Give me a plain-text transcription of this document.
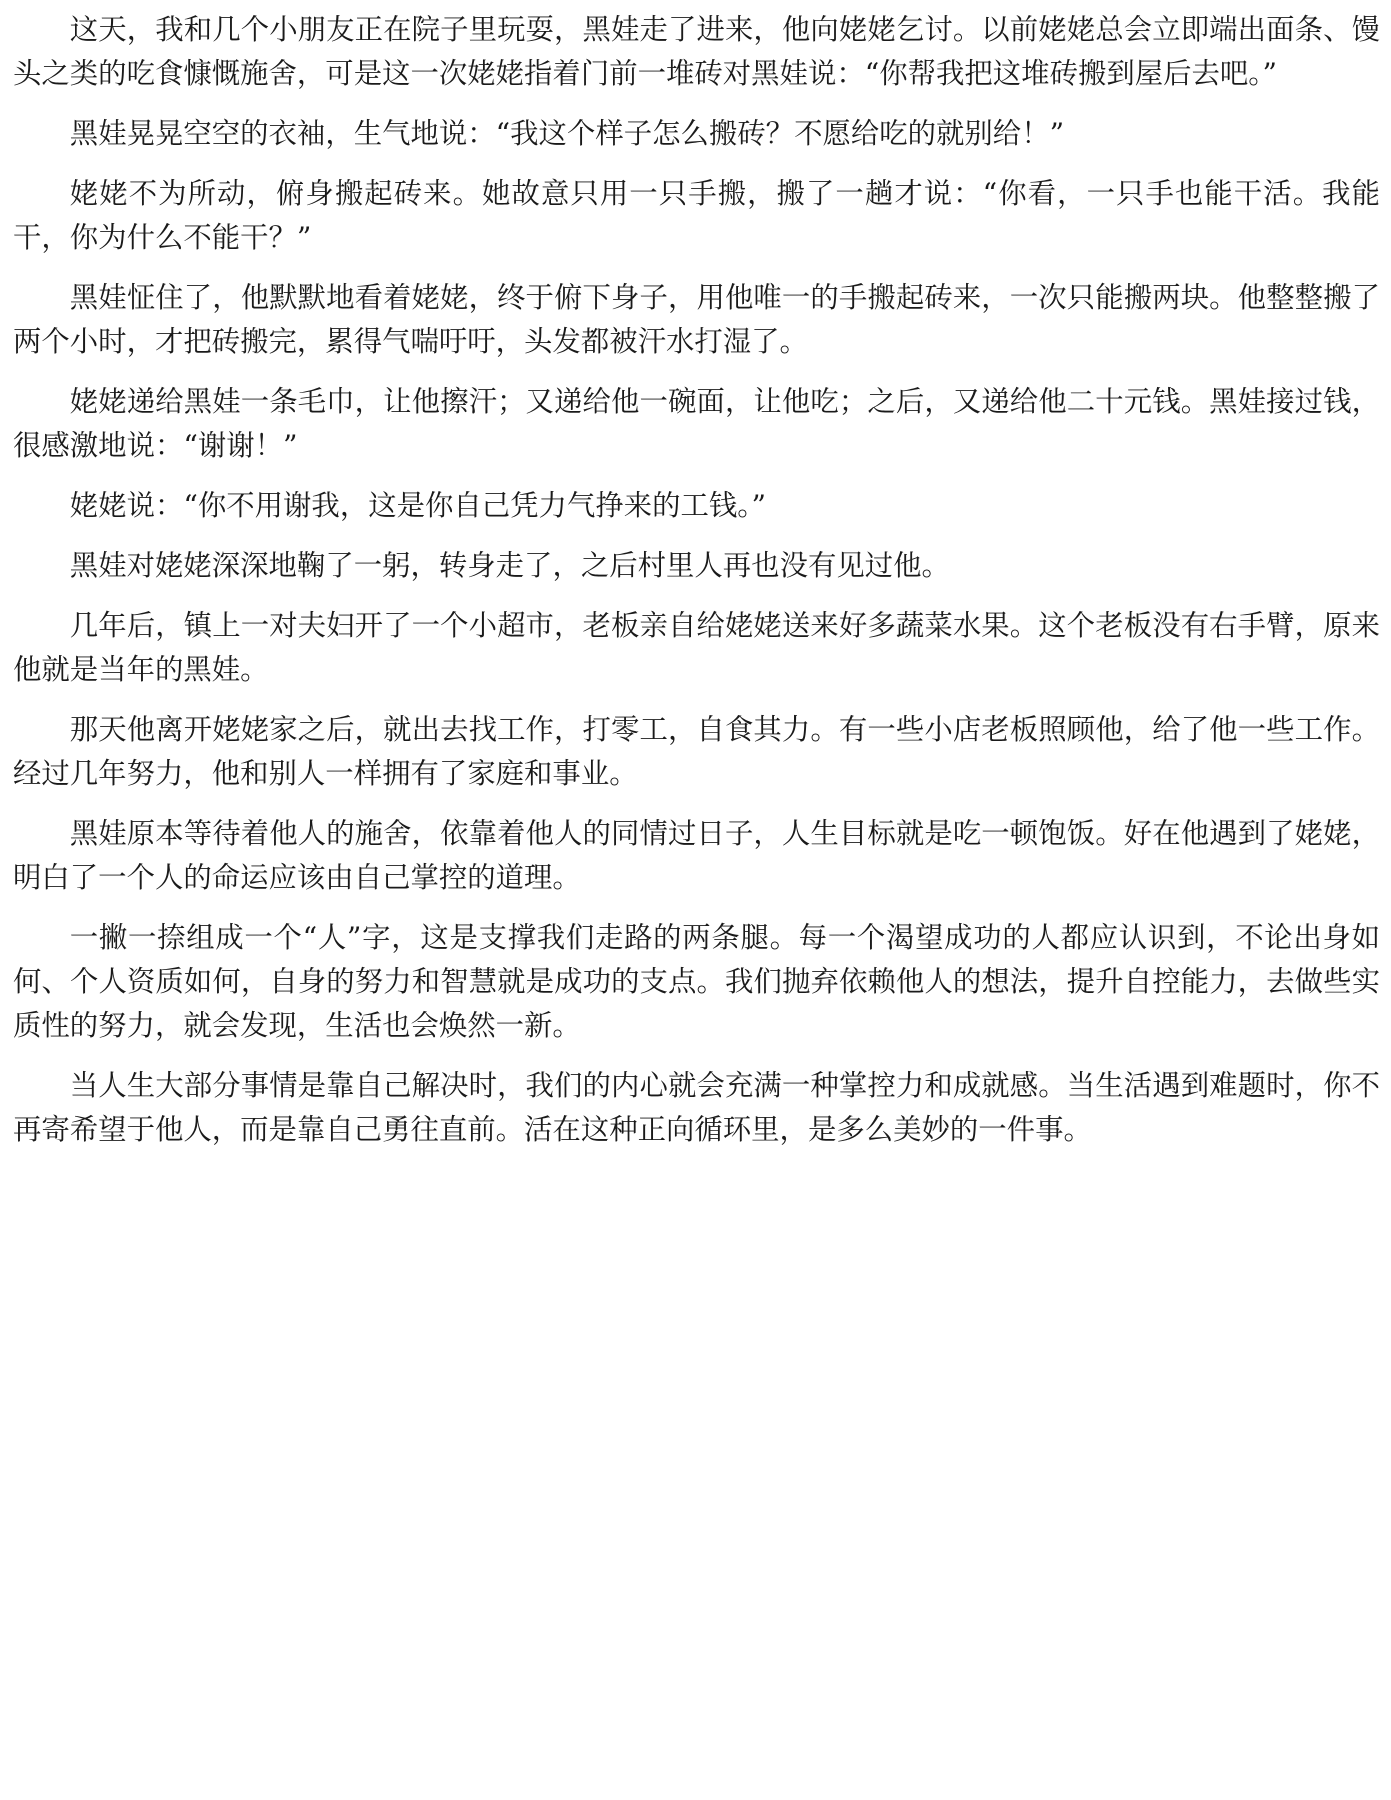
这天，我和几个小朋友正在院子里玩耍，黑娃走了进来，他向姥姥乞讨。以前姥姥总会立即端出面条、馒头之类的吃食慷慨施舍，可是这一次姥姥指着门前一堆砖对黑娃说：“你帮我把这堆砖搬到屋后去吧。”

黑娃晃晃空空的衣袖，生气地说：“我这个样子怎么搬砖？不愿给吃的就别给！”

姥姥不为所动，俯身搬起砖来。她故意只用一只手搬，搬了一趟才说：“你看，一只手也能干活。我能干，你为什么不能干？”

黑娃怔住了，他默默地看着姥姥，终于俯下身子，用他唯一的手搬起砖来，一次只能搬两块。他整整搬了两个小时，才把砖搬完，累得气喘吁吁，头发都被汗水打湿了。

姥姥递给黑娃一条毛巾，让他擦汗；又递给他一碗面，让他吃；之后，又递给他二十元钱。黑娃接过钱，很感激地说：“谢谢！”

姥姥说：“你不用谢我，这是你自己凭力气挣来的工钱。”

黑娃对姥姥深深地鞠了一躬，转身走了，之后村里人再也没有见过他。

几年后，镇上一对夫妇开了一个小超市，老板亲自给姥姥送来好多蔬菜水果。这个老板没有右手臂，原来他就是当年的黑娃。

那天他离开姥姥家之后，就出去找工作，打零工，自食其力。有一些小店老板照顾他，给了他一些工作。经过几年努力，他和别人一样拥有了家庭和事业。

黑娃原本等待着他人的施舍，依靠着他人的同情过日子，人生目标就是吃一顿饱饭。好在他遇到了姥姥，明白了一个人的命运应该由自己掌控的道理。

一撇一捺组成一个“人”字，这是支撑我们走路的两条腿。每一个渴望成功的人都应认识到，不论出身如何、个人资质如何，自身的努力和智慧就是成功的支点。我们抛弃依赖他人的想法，提升自控能力，去做些实质性的努力，就会发现，生活也会焕然一新。

当人生大部分事情是靠自己解决时，我们的内心就会充满一种掌控力和成就感。当生活遇到难题时，你不再寄希望于他人，而是靠自己勇往直前。活在这种正向循环里，是多么美妙的一件事。
